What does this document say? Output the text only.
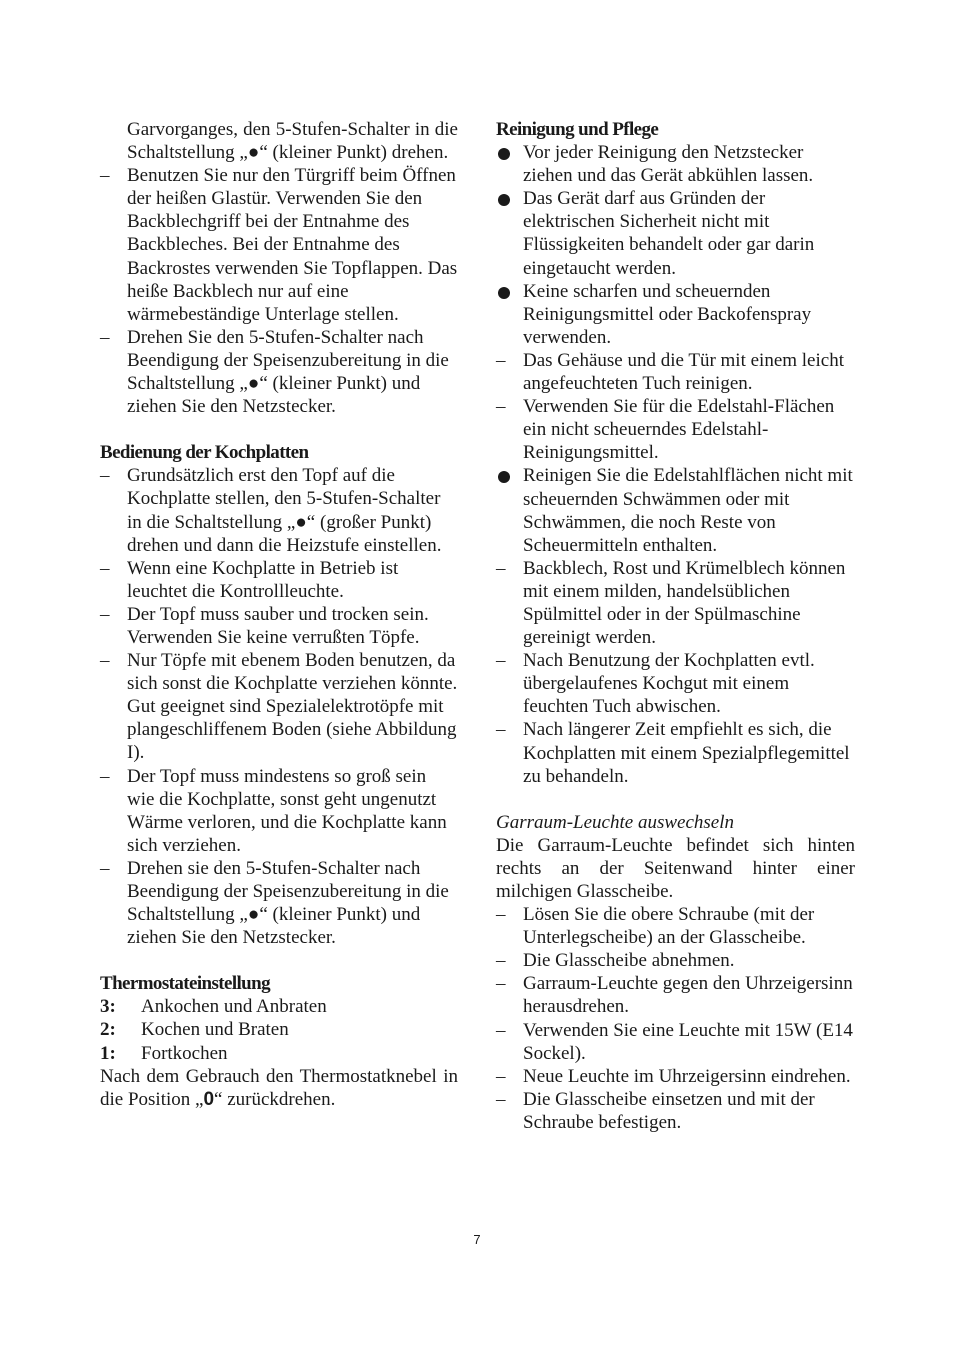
Garvorganges, den 5-Stufen-Schalter in die Schaltstellung „●“ (kleiner Punkt) drehen.
– Benutzen Sie nur den Türgriff beim Öffnen der heißen Glastür. Verwenden Sie den Backblechgriff bei der Entnahme des Backbleches. Bei der Entnahme des Backrostes verwenden Sie Topflappen. Das heiße Backblech nur auf eine wärmebeständige Unterlage stellen.
– Drehen Sie den 5-Stufen-Schalter nach Beendigung der Speisenzubereitung in die Schaltstellung „●“ (kleiner Punkt) und ziehen Sie den Netzstecker.
Bedienung der Kochplatten
– Grundsätzlich erst den Topf auf die Kochplatte stellen, den 5-Stufen-Schalter in die Schaltstellung „●“ (großer Punkt) drehen und dann die Heizstufe einstellen.
– Wenn eine Kochplatte in Betrieb ist leuchtet die Kontrollleuchte.
– Der Topf muss sauber und trocken sein. Verwenden Sie keine verrußten Töpfe.
– Nur Töpfe mit ebenem Boden benutzen, da sich sonst die Kochplatte verziehen könnte. Gut geeignet sind Spezialelektrotöpfe mit plangeschliffenem Boden (siehe Abbildung I).
– Der Topf muss mindestens so groß sein wie die Kochplatte, sonst geht ungenutzt Wärme verloren, und die Kochplatte kann sich verziehen.
– Drehen sie den 5-Stufen-Schalter nach Beendigung der Speisenzubereitung in die Schaltstellung „●“ (kleiner Punkt) und ziehen Sie den Netzstecker.
Thermostateinstellung
3:	Ankochen und Anbraten
2:	Kochen und Braten
1:	Fortkochen
Nach dem Gebrauch den Thermostatknebel in die Position „0“ zurückdrehen.
Reinigung und Pflege
Vor jeder Reinigung den Netzstecker ziehen und das Gerät abkühlen lassen.
Das Gerät darf aus Gründen der elektrischen Sicherheit nicht mit Flüssigkeiten behandelt oder gar darin eingetaucht werden.
Keine scharfen und scheuernden Reinigungsmittel oder Backofenspray verwenden.
– Das Gehäuse und die Tür mit einem leicht angefeuchteten Tuch reinigen.
– Verwenden Sie für die Edelstahl-Flächen ein nicht scheuerndes Edelstahl-Reinigungsmittel.
Reinigen Sie die Edelstahlflächen nicht mit scheuernden Schwämmen oder mit Schwämmen, die noch Reste von Scheuermitteln enthalten.
– Backblech, Rost und Krümelblech können mit einem milden, handelsüblichen Spülmittel oder in der Spülmaschine gereinigt werden.
– Nach Benutzung der Kochplatten evtl. übergelaufenes Kochgut mit einem feuchten Tuch abwischen.
– Nach längerer Zeit empfiehlt es sich, die Kochplatten mit einem Spezialpflegemittel zu behandeln.
Garraum-Leuchte auswechseln
Die Garraum-Leuchte befindet sich hinten rechts an der Seitenwand hinter einer milchigen Glasscheibe.
– Lösen Sie die obere Schraube (mit der Unterlegscheibe) an der Glasscheibe.
– Die Glasscheibe abnehmen.
– Garraum-Leuchte gegen den Uhrzeigersinn herausdrehen.
– Verwenden Sie eine Leuchte mit 15W (E14 Sockel).
– Neue Leuchte im Uhrzeigersinn eindrehen.
– Die Glasscheibe einsetzen und mit der Schraube befestigen.
7
